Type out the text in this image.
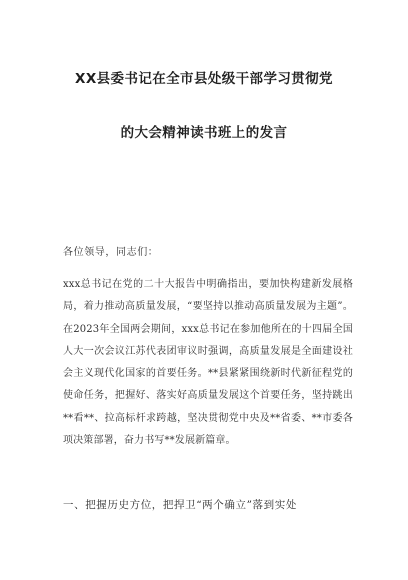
XX县委书记在全市县处级干部学习贯彻党
的大会精神读书班上的发言
各位领导，同志们：
xxx总书记在党的二十大报告中明确指出，要加快构建新发展格局，着力推动高质量发展，“要坚持以推动高质量发展为主题”。在2023年全国两会期间，xxx总书记在参加他所在的十四届全国人大一次会议江苏代表团审议时强调，高质量发展是全面建设社会主义现代化国家的首要任务。**县紧紧围绕新时代新征程党的使命任务，把握好、落实好高质量发展这个首要任务，坚持跳出**看**、拉高标杆求跨越，坚决贯彻党中央及**省委、**市委各项决策部署，奋力书写**发展新篇章。
一、把握历史方位，把捍卫“两个确立”落到实处
